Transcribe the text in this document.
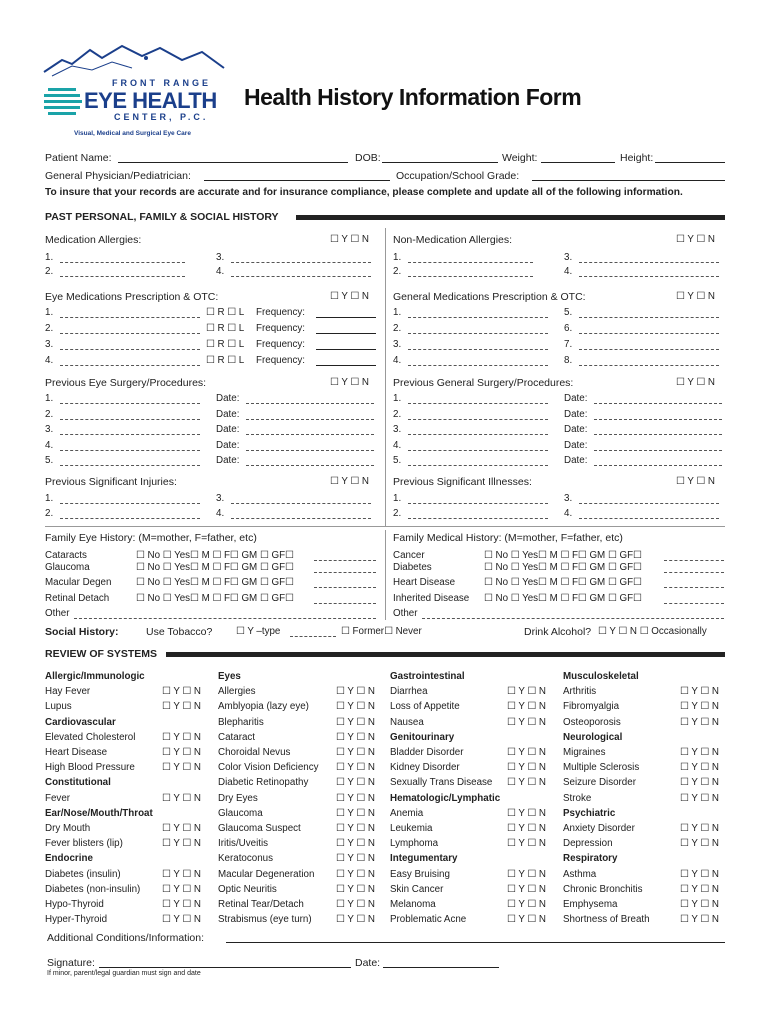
FRONT RANGE
EYE HEALTH
CENTER, P.C.
Visual, Medical and Surgical Eye Care
Health History Information Form
Patient Name:	DOB:	Weight:	Height:
General Physician/Pediatrician:	Occupation/School Grade:
To insure that your records are accurate and for insurance compliance, please complete and update all of the following information.
PAST PERSONAL, FAMILY & SOCIAL HISTORY
Medication Allergies:	☐ Y ☐ N Non-Medication Allergies:	☐ Y ☐ N
Eye Medications Prescription & OTC:	☐ Y ☐ N General Medications Prescription & OTC:	☐ Y ☐ N
Previous Eye Surgery/Procedures:	☐ Y ☐ N Previous General Surgery/Procedures:	☐ Y ☐ N
Previous Significant Injuries:	☐ Y ☐ N Previous Significant Illnesses:	☐ Y ☐ N
Family Eye History: (M=mother, F=father, etc)	Family Medical History: (M=mother, F=father, etc)
Social History:	Use Tobacco? ☐ Y –type	☐ Former☐ Never	Drink Alcohol? ☐ Y ☐ N ☐ Occasionally
REVIEW OF SYSTEMS
Additional Conditions/Information:
Signature:	Date:
If minor, parent/legal guardian must sign and date
1.	3.
2.	4.
1.	3.
2.	4.
1.	☐ R ☐ L Frequency:
2.	☐ R ☐ L Frequency:
3.	☐ R ☐ L Frequency:
4.	☐ R ☐ L Frequency:
1.	5.
2.	6.
3.	7.
4.	8.
1.	Date:
2.	Date:
3.	Date:
4.	Date:
5.	Date:
1.	Date:
2.	Date:
3.	Date:
4.	Date:
5.	Date:
1.	3.
2.	4.
1.	3.
2.	4.
Cataracts	☐ No ☐ Yes☐ M ☐ F☐ GM ☐ GF☐
Glaucoma	☐ No ☐ Yes☐ M ☐ F☐ GM ☐ GF☐
Macular Degen	☐ No ☐ Yes☐ M ☐ F☐ GM ☐ GF☐
Retinal Detach	☐ No ☐ Yes☐ M ☐ F☐ GM ☐ GF☐
Cancer	☐ No ☐ Yes☐ M ☐ F☐ GM ☐ GF☐
Diabetes	☐ No ☐ Yes☐ M ☐ F☐ GM ☐ GF☐
Heart Disease	☐ No ☐ Yes☐ M ☐ F☐ GM ☐ GF☐
Inherited Disease ☐ No ☐ Yes☐ M ☐ F☐ GM ☐ GF☐
Other	Other
Allergic/Immunologic
Hay Fever	☐ Y ☐ N
Lupus	☐ Y ☐ N
Cardiovascular
Elevated Cholesterol	☐ Y ☐ N
Heart Disease	☐ Y ☐ N
High Blood Pressure	☐ Y ☐ N
Constitutional
Fever	☐ Y ☐ N
Ear/Nose/Mouth/Throat
Dry Mouth	☐ Y ☐ N
Fever blisters (lip)	☐ Y ☐ N
Endocrine
Diabetes (insulin)	☐ Y ☐ N
Diabetes (non-insulin) ☐ Y ☐ N
Hypo-Thyroid	☐ Y ☐ N
Hyper-Thyroid	☐ Y ☐ N
Eyes
Allergies	☐ Y ☐ N
Amblyopia (lazy eye)	☐ Y ☐ N
Blepharitis	☐ Y ☐ N
Cataract	☐ Y ☐ N
Choroidal Nevus	☐ Y ☐ N
Color Vision Deficiency ☐ Y ☐ N
Diabetic Retinopathy	☐ Y ☐ N
Dry Eyes	☐ Y ☐ N
Glaucoma	☐ Y ☐ N
Glaucoma Suspect	☐ Y ☐ N
Iritis/Uveitis	☐ Y ☐ N
Keratoconus	☐ Y ☐ N
Macular Degeneration ☐ Y ☐ N
Optic Neuritis	☐ Y ☐ N
Retinal Tear/Detach	☐ Y ☐ N
Strabismus (eye turn) ☐ Y ☐ N
Gastrointestinal
Diarrhea	☐ Y ☐ N
Loss of Appetite	☐ Y ☐ N
Nausea	☐ Y ☐ N
Genitourinary
Bladder Disorder	☐ Y ☐ N
Kidney Disorder	☐ Y ☐ N
Sexually Trans Disease ☐ Y ☐ N
Hematologic/Lymphatic
Anemia	☐ Y ☐ N
Leukemia	☐ Y ☐ N
Lymphoma	☐ Y ☐ N
Integumentary
Easy Bruising	☐ Y ☐ N
Skin Cancer	☐ Y ☐ N
Melanoma	☐ Y ☐ N
Problematic Acne	☐ Y ☐ N
Musculoskeletal
Arthritis	☐ Y ☐ N
Fibromyalgia	☐ Y ☐ N
Osteoporosis	☐ Y ☐ N
Neurological
Migraines	☐ Y ☐ N
Multiple Sclerosis	☐ Y ☐ N
Seizure Disorder	☐ Y ☐ N
Stroke	☐ Y ☐ N
Psychiatric
Anxiety Disorder	☐ Y ☐ N
Depression	☐ Y ☐ N
Respiratory
Asthma	☐ Y ☐ N
Chronic Bronchitis	☐ Y ☐ N
Emphysema	☐ Y ☐ N
Shortness of Breath	☐ Y ☐ N
